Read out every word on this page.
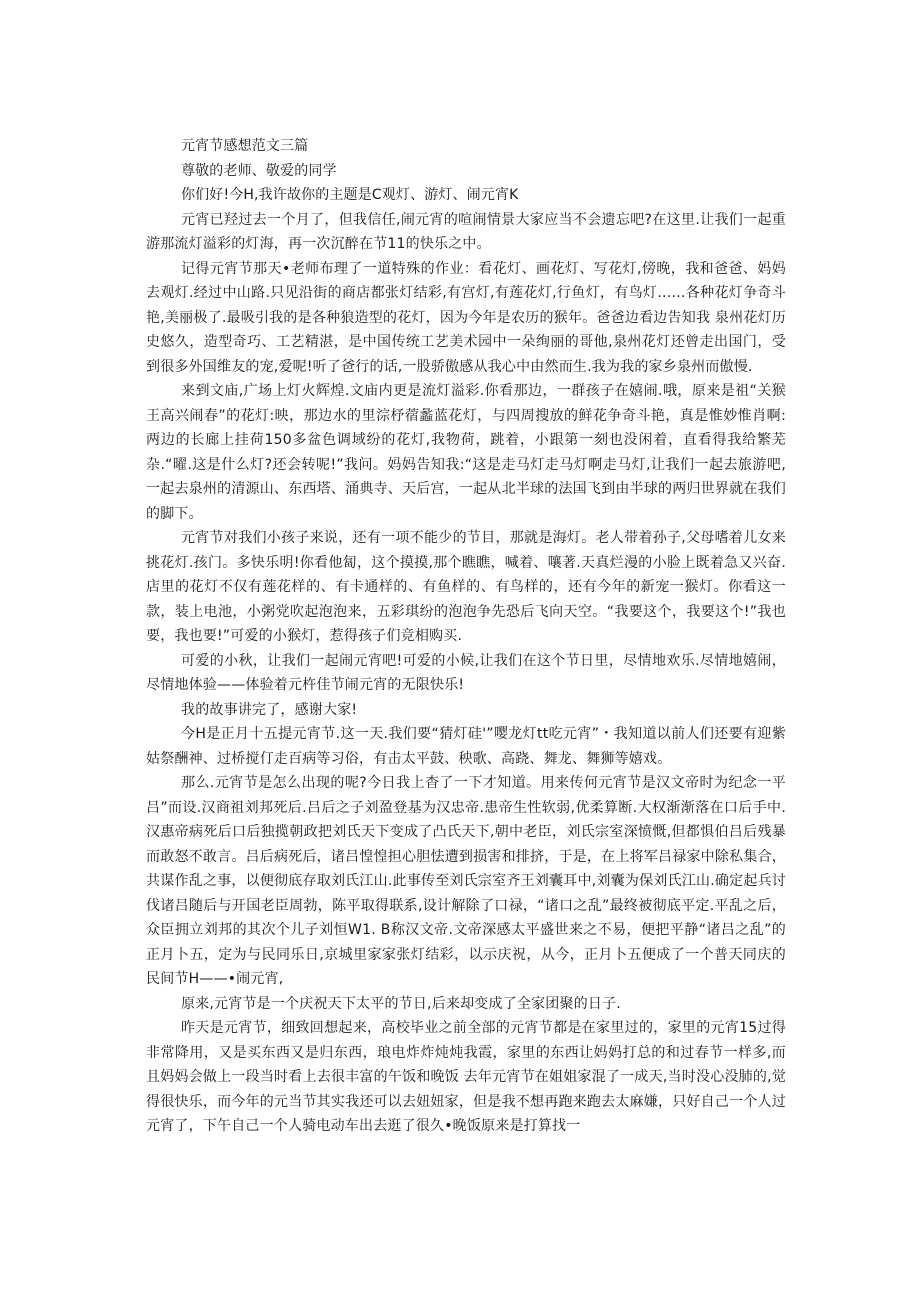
元宵节感想范文三篇

尊敬的老师、敬爱的同学

你们好!今H,我许故你的主题是C观灯、游灯、闹元宵K

元宵已羟过去一个月了，但我信任,闹元宵的喧闹情景大家应当不会遗忘吧?在这里.让我们一起重游那流灯溢彩的灯海，再一次沉醉在节11的快乐之中。

记得元宵节那天•老师布理了一道特殊的作业：看花灯、画花灯、写花灯,傍晚，我和爸爸、妈妈去观灯.经过中山路.只见沿街的商店都张灯结彩,有宫灯,有莲花灯,行鱼灯，有鸟灯……各种花灯争奇斗艳,美丽极了.最吸引我的是各种狼造型的花灯，因为今年是农历的猴年。爸爸边看边告知我 泉州花灯历史悠久，造型奇巧、工艺精湛，是中国传统工艺美术园中一朵绚丽的哥他,泉州花灯还曾走出国门，受到很多外国维友的宠,爱呢!听了爸行的话,一股骄傲感从我心中由然而生.我为我的家乡泉州而傲慢.

来到文庙,广场上灯火辉煌.文庙内更是流灯溢彩.你看那边，一群孩子在嬉闹.哦，原来是祖“关猴王高兴闹春”的花灯:映，那边水的里淙杼蓿蠡蓝花灯，与四周搜放的鲜花争奇斗艳，真是惟妙惟肖啊:两边的长廊上挂荷150多盆色调域纷的花灯,我物荷，跳着，小跟第一刻也没闲着，直看得我给繁芜杂.“曜.这是什么灯?还会转呢!”我问。妈妈告知我:“这是走马灯走马灯啊走马灯,让我们一起去旅游吧,一起去泉州的清源山、东西塔、涌典寺、天后宫，一起从北半球的法国飞到由半球的两归世界就在我们的脚下。

元宵节对我们小孩子来说，还有一项不能少的节目，那就是海灯。老人带着孙子,父母嗜着儿女来挑花灯.孩门。多快乐明!你看他匐，这个摸摸,那个瞧瞧，喊着、嚷著.天真烂漫的小脸上既着急又兴奋.店里的花灯不仅有莲花样的、有卡通样的、有鱼样的、有鸟样的，还有今年的新宠一猴灯。你看这一款，装上电池，小粥党吹起泡泡来，五彩琪纷的泡泡争先恐后飞向天空。“我要这个，我要这个!”我也要，我也要!”可爱的小猴灯，惹得孩子们竞相购买.

可爱的小秋，让我们一起闹元宵吧!可爱的小候,让我们在这个节日里，尽情地欢乐.尽情地嬉闹，尽情地体验——体验着元杵佳节闹元宵的无限快乐!

我的故事讲完了，感谢大家!

今H是正月十五提元宵节.这一天.我们要“猜灯硅'”嘤龙灯tt吃元宵”・我知道以前人们还要有迎紫姑祭酬神、过桥搅仃走百病等习俗，有击太平鼓、秧歌、高跷、舞龙、舞狮等嬉戏。

那么.元宵节是怎么出现的呢?今日我上杳了一下才知道。用来传何元宵节是汉文帝时为纪念一平吕”而设.汉商祖刘邦死后.吕后之子刘盈登基为汉忠帝.患帝生性软弱,优柔算断.大权渐渐落在口后手中.汉惠帝病死后口后独揽朝政把刘氏天下变成了凸氏天下,朝中老臣，刘氏宗室深愤慨,但都惧伯吕后残暴而敢怒不敢言。吕后病死后，诸吕惶惶担心胆怯遭到损害和排挤，于是，在上将军吕禄家中除私集合，共谋作乱之事，以便彻底存取刘氏江山.此事传至刘氏宗室齐王刘囊耳中,刘囊为保刘氏江山.确定起兵讨伐诸吕随后与开国老臣周勃，陈平取得联系,设计解除了口禄，“诸口之乱”最终被彻底平定.平乱之后，众臣拥立刘邦的其次个儿子刘恒W1. B称汉文帝.文帝深感太平盛世来之不易，便把平静“诸吕之乱”的正月卜五，定为与民同乐日,京城里家家张灯结彩，以示庆祝，从今，正月卜五便成了一个普天同庆的民间节H——•闹元宵,

原来,元宵节是一个庆祝天下太平的节日,后来却变成了全家团聚的日子.

昨天是元宵节，细致回想起来，高校毕业之前全部的元宵节都是在家里过的，家里的元宵15过得非常降用，又是买东西又是归东西，琅电炸炸炖炖我霞，家里的东西让妈妈打总的和过春节一样多,而且妈妈会做上一段当时看上去很丰富的午饭和晚饭 去年元宵节在姐姐家混了一成天,当时没心没肺的,觉得很快乐，而今年的元当节其实我还可以去妞妞家，但是我不想再跑来跑去太麻嫌，只好自己一个人过元宵了，下午自己一个人骑电动车出去逛了很久•晚饭原来是打算找一
